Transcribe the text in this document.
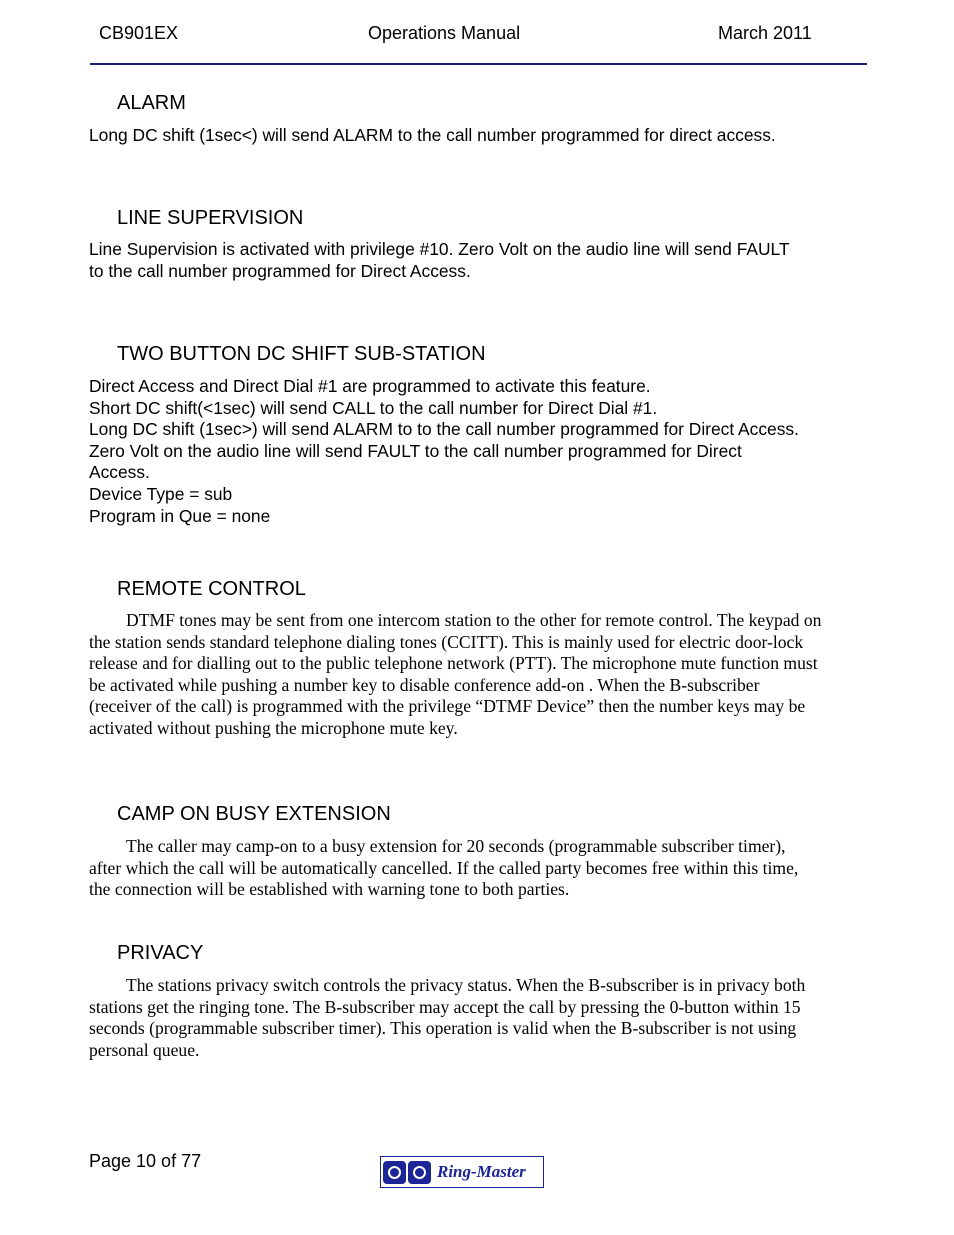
CB901EX	Operations Manual	March 2011
ALARM
Long DC shift (1sec<) will send ALARM to the call number programmed for direct access.
LINE SUPERVISION
Line Supervision is activated with privilege #10. Zero Volt on the audio line will send FAULT
to the call number programmed for Direct Access.
TWO BUTTON DC SHIFT SUB-STATION
Direct Access and Direct Dial #1 are programmed to activate this feature.
Short DC shift(<1sec) will send CALL to the call number for Direct Dial #1.
Long DC shift (1sec>) will send ALARM to to the call number programmed for Direct Access.
Zero Volt on the audio line will send FAULT to the call number programmed for Direct
Access.
Device Type = sub
Program in Que = none
REMOTE CONTROL
DTMF tones may be sent from one intercom station to the other for remote control. The keypad on
the station sends standard telephone dialing tones (CCITT). This is mainly used for electric door-lock
release and for dialling out to the public telephone network (PTT). The microphone mute function must
be activated while pushing a number key to disable conference add-on . When the B-subscriber
(receiver of the call) is programmed with the privilege “DTMF Device” then the number keys may be
activated without pushing the microphone mute key.
CAMP ON BUSY EXTENSION
The caller may camp-on to a busy extension for 20 seconds (programmable subscriber timer),
after which the call will be automatically cancelled. If the called party becomes free within this time,
the connection will be established with warning tone to both parties.
PRIVACY
The stations privacy switch controls the privacy status. When the B-subscriber is in privacy both
stations get the ringing tone. The B-subscriber may accept the call by pressing the 0-button within 15
seconds (programmable subscriber timer). This operation is valid when the B-subscriber is not using
personal queue.
Page 10 of 77
Ring-Master
